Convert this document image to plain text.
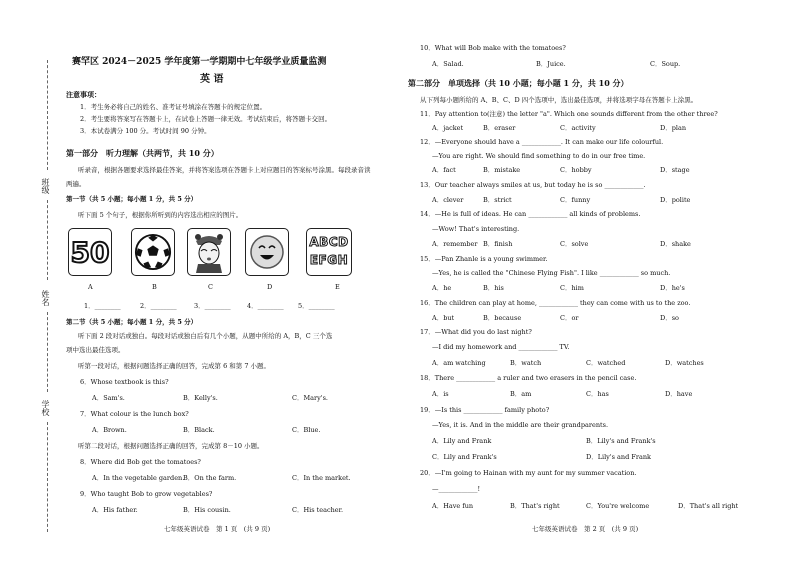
班级
姓名
学校
赛罕区 2024－2025 学年度第一学期期中七年级学业质量监测
英 语
注意事项：
1．考生务必将自己的姓名、准考证号填涂在答题卡的规定位置。
2．考生要将答案写在答题卡上，在试卷上答题一律无效。考试结束后，将答题卡交回。
3．本试卷满分 100 分。考试时间 90 分钟。
第一部分　听力理解（共两节，共 10 分）
听录音，根据各题要求选择最佳答案，并将答案选项在答题卡上对应题目的答案标号涂黑。每段录音读
两遍。
第一节（共 5 小题；每小题 1 分，共 5 分）
听下面 5 个句子，根据你所听到的内容选出相应的图片。
50	ABCD
EFGH
A	B	C	D	E
1．________	2．________	3．________	4．________ 5．________
第二节（共 5 小题；每小题 1 分，共 5 分）
听下面 2 段对话或独白。每段对话或独白后有几个小题，从题中所给的 A，B，C 三个选
项中选出最佳选项。
听第一段对话，根据问题选择正确的回答，完成第 6 和第 7 小题。
6．Whose textbook is this?
A．Sam's.	B．Kelly's.	C．Mary's.
7．What colour is the lunch box?
A．Brown.	B．Black.	C．Blue.
听第二段对话，根据问题选择正确的回答，完成第 8－10 小题。
8．Where did Bob get the tomatoes?
A．In the vegetable garden.
B．On the farm.	C．In the market.
9．Who taught Bob to grow vegetables?
A．His father.	B．His cousin.	C．His teacher.
七年级英语试卷　第 1 页　(共 9 页)
10．What will Bob make with the tomatoes?
A．Salad.	B．Juice.	C．Soup.
第二部分　单项选择（共 10 小题；每小题 1 分，共 10 分）
从下列每小题所给的 A、B、C、D 四个选项中，选出最佳选项，并将选项字母在答题卡上涂黑。
11．Pay attention to(注意) the letter "a". Which one sounds different from the other three?
A．jacket	B．eraser	C．activity	D．plan
12．—Everyone should have a ____________. It can make our life colourful.
—You are right. We should find something to do in our free time.
A．fact	B．mistake	C．hobby	D．stage
13．Our teacher always smiles at us, but today he is so ____________.
A．clever	B．strict	C．funny	D．polite
14．—He is full of ideas. He can ____________ all kinds of problems.
—Wow! That's interesting.
A．remember B．finish	C．solve	D．shake
15．—Pan Zhanle is a young swimmer.
—Yes, he is called the "Chinese Flying Fish". I like ____________ so much.
A．he	B．his	C．him	D．he's
16．The children can play at home, ____________ they can come with us to the zoo.
A．but	B．because	C．or	D．so
17．—What did you do last night?
—I did my homework and ____________ TV.
A．am watching	B．watch	C．watched	D．watches
18．There ____________ a ruler and two erasers in the pencil case.
A．is	B．am	C．has	D．have
19．—Is this ____________ family photo?
—Yes, it is. And in the middle are their grandparents.
A．Lily and Frank	B．Lily's and Frank's
C．Lily and Frank's	D．Lily's and Frank
20．—I'm going to Hainan with my aunt for my summer vacation.
—____________!
A．Have fun	B．That's right	C．You're welcome	D．That's all right
七年级英语试卷　第 2 页　(共 9 页)
